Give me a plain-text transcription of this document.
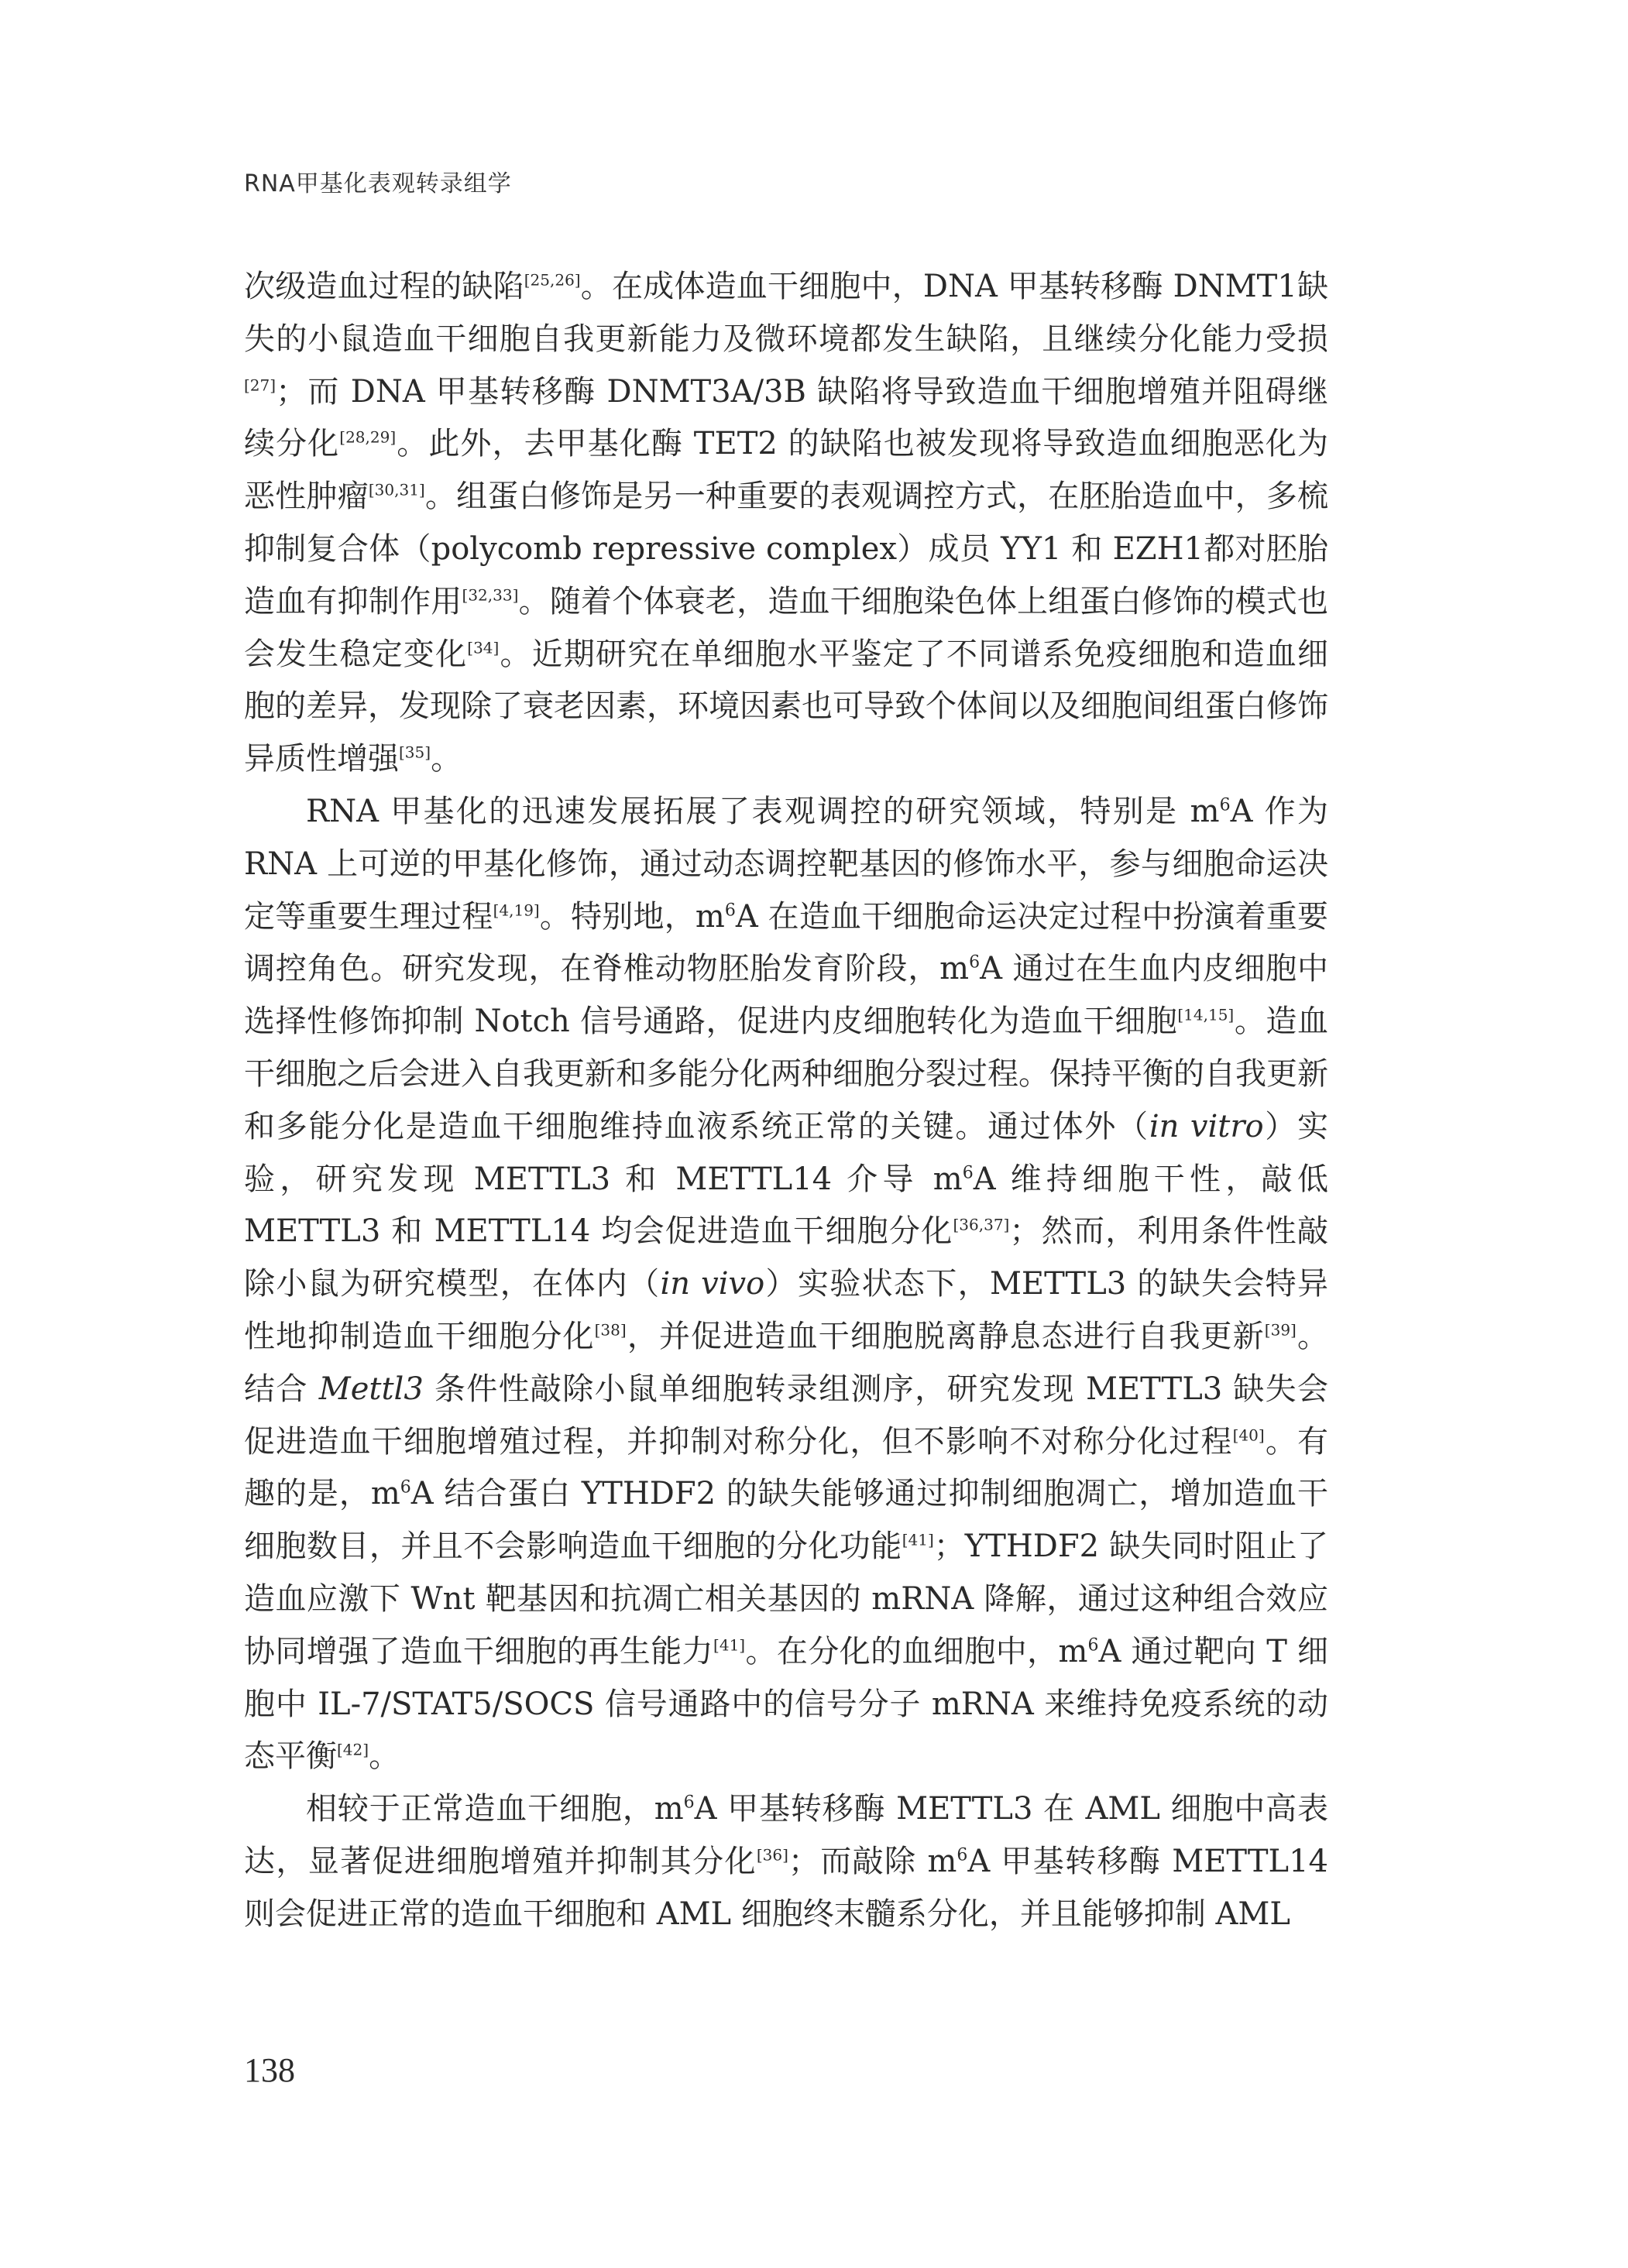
RNA甲基化表观转录组学

次级造血过程的缺陷[25,26]。在成体造血干细胞中，DNA 甲基转移酶 DNMT1缺失的小鼠造血干细胞自我更新能力及微环境都发生缺陷，且继续分化能力受损[27]；而 DNA 甲基转移酶 DNMT3A/3B 缺陷将导致造血干细胞增殖并阻碍继续分化[28,29]。此外，去甲基化酶 TET2 的缺陷也被发现将导致造血细胞恶化为恶性肿瘤[30,31]。组蛋白修饰是另一种重要的表观调控方式，在胚胎造血中，多梳抑制复合体（polycomb repressive complex）成员 YY1 和 EZH1都对胚胎造血有抑制作用[32,33]。随着个体衰老，造血干细胞染色体上组蛋白修饰的模式也会发生稳定变化[34]。近期研究在单细胞水平鉴定了不同谱系免疫细胞和造血细胞的差异，发现除了衰老因素，环境因素也可导致个体间以及细胞间组蛋白修饰异质性增强[35]。

RNA 甲基化的迅速发展拓展了表观调控的研究领域，特别是 $m^6A$ 作为RNA 上可逆的甲基化修饰，通过动态调控靶基因的修饰水平，参与细胞命运决定等重要生理过程[4,19]。特别地，$m^6A$ 在造血干细胞命运决定过程中扮演着重要调控角色。研究发现，在脊椎动物胚胎发育阶段，$m^6A$ 通过在生血内皮细胞中选择性修饰抑制 Notch 信号通路，促进内皮细胞转化为造血干细胞[14,15]。造血干细胞之后会进入自我更新和多能分化两种细胞分裂过程。保持平衡的自我更新和多能分化是造血干细胞维持血液系统正常的关键。通过体外（in vitro）实验，研究发现 METTL3 和 METTL14 介导 $m^6A$ 维持细胞干性，敲低 METTL3 和 METTL14 均会促进造血干细胞分化[36,37]；然而，利用条件性敲除小鼠为研究模型，在体内（in vivo）实验状态下，METTL3 的缺失会特异性地抑制造血干细胞分化[38]，并促进造血干细胞脱离静息态进行自我更新[39]。结合 Mettl3 条件性敲除小鼠单细胞转录组测序，研究发现 METTL3 缺失会促进造血干细胞增殖过程，并抑制对称分化，但不影响不对称分化过程[40]。有趣的是，$m^6A$ 结合蛋白 YTHDF2 的缺失能够通过抑制细胞凋亡，增加造血干细胞数目，并且不会影响造血干细胞的分化功能[41]；YTHDF2 缺失同时阻止了造血应激下 Wnt 靶基因和抗凋亡相关基因的 mRNA 降解，通过这种组合效应协同增强了造血干细胞的再生能力[41]。在分化的血细胞中，$m^6A$ 通过靶向 T 细胞中 IL-7/STAT5/SOCS 信号通路中的信号分子 mRNA 来维持免疫系统的动态平衡[42]。

相较于正常造血干细胞，$m^6A$ 甲基转移酶 METTL3 在 AML 细胞中高表达，显著促进细胞增殖并抑制其分化[36]；而敲除 $m^6A$ 甲基转移酶 METTL14则会促进正常的造血干细胞和 AML 细胞终末髓系分化，并且能够抑制 AML

138
